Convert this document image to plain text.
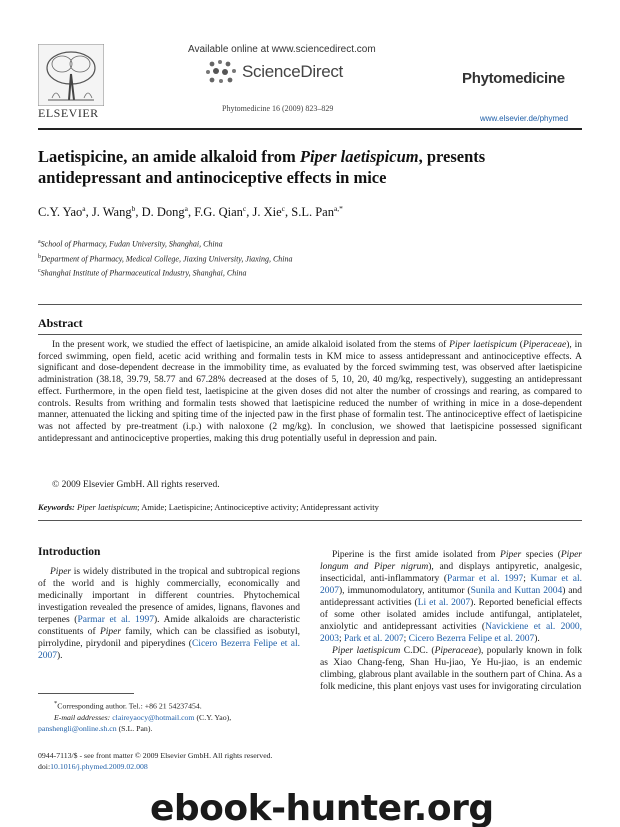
ELSEVIER
Available online at www.sciencedirect.com
ScienceDirect
Phytomedicine 16 (2009) 823–829
Phytomedicine
www.elsevier.de/phymed
Laetispicine, an amide alkaloid from Piper laetispicum, presents antidepressant and antinociceptive effects in mice
C.Y. Yao$^a$, J. Wang$^b$, D. Dong$^a$, F.G. Qian$^c$, J. Xie$^c$, S.L. Pan$^{a,*}$
$^a$School of Pharmacy, Fudan University, Shanghai, China
$^b$Department of Pharmacy, Medical College, Jiaxing University, Jiaxing, China
$^c$Shanghai Institute of Pharmaceutical Industry, Shanghai, China
Abstract
In the present work, we studied the effect of laetispicine, an amide alkaloid isolated from the stems of Piper laetispicum (Piperaceae), in forced swimming, open field, acetic acid writhing and formalin tests in KM mice to assess antidepressant and antinociceptive effects. A significant and dose-dependent decrease in the immobility time, as evaluated by the forced swimming test, was observed after laetispicine administration (38.18, 39.79, 58.77 and 67.28% decreased at the doses of 5, 10, 20, 40 mg/kg, respectively), suggesting an antidepressant effect. Furthermore, in the open field test, laetispicine at the given doses did not alter the number of crossings and rearing, as compared to controls. Results from writhing and formalin tests showed that laetispicine reduced the number of writhing in mice in a dose-dependent manner, attenuated the licking and spiting time of the injected paw in the first phase of formalin test. The antinociceptive effect of laetispicine was not affected by pre-treatment (i.p.) with naloxone (2 mg/kg). In conclusion, we showed that laetispicine possessed significant antidepressant and antinociceptive properties, making this drug potentially useful in depression and pain.
© 2009 Elsevier GmbH. All rights reserved.
Keywords: Piper laetispicum; Amide; Laetispicine; Antinociceptive activity; Antidepressant activity
Introduction
Piper is widely distributed in the tropical and subtropical regions of the world and is highly commercially, economically and medicinally important in different countries. Phytochemical investigation revealed the presence of amides, lignans, flavones and terpenes (Parmar et al. 1997). Amide alkaloids are characteristic constituents of Piper family, which can be classified as isobutyl, pirrolydine, pirydonil and piperydines (Cicero Bezerra Felipe et al. 2007).
*Corresponding author. Tel.: +86 21 54237454.
E-mail addresses: claireyaocy@hotmail.com (C.Y. Yao),
panshengli@online.sh.cn (S.L. Pan).
0944-7113/$ - see front matter © 2009 Elsevier GmbH. All rights reserved.
doi:10.1016/j.phymed.2009.02.008
Piperine is the first amide isolated from Piper species (Piper longum and Piper nigrum), and displays antipyretic, analgesic, insecticidal, anti-inflammatory (Parmar et al. 1997; Kumar et al. 2007), immunomodulatory, antitumor (Sunila and Kuttan 2004) and antidepressant activities (Li et al. 2007). Reported beneficial effects of some other isolated amides include antifungal, antiplatelet, anxiolytic and antidepressant activities (Navickiene et al. 2000, 2003; Park et al. 2007; Cicero Bezerra Felipe et al. 2007).
Piper laetispicum C.DC. (Piperaceae), popularly known in folk as Xiao Chang-feng, Shan Hu-jiao, Ye Hu-jiao, is an endemic climbing, glabrous plant available in the southern part of China. As a folk medicine, this plant enjoys vast uses for invigorating circulation
ebook-hunter.org
